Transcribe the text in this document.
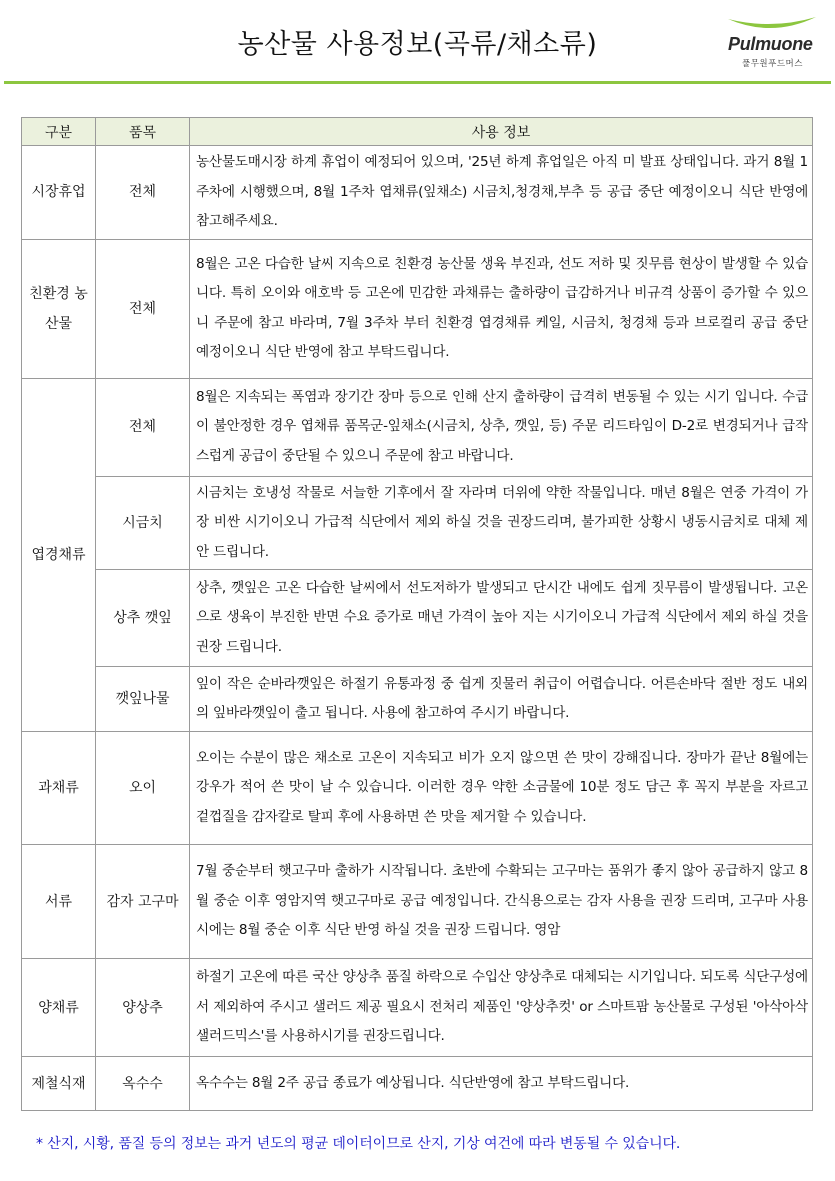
농산물 사용정보(곡류/채소류)	Pulmuone
풀무원푸드머스
구분	품목	사용 정보
시장휴업	전체	농산물도매시장 하계 휴업이 예정되어 있으며, '25년 하계 휴업일은 아직 미 발표 상태입니다. 과거 8월 1주차에 시행했으며, 8월 1주차 엽채류(잎채소) 시금치,청경채,부추 등 공급 중단 예정이오니 식단 반영에 참고해주세요.
친환경 농산물	전체	8월은 고온 다습한 날씨 지속으로 친환경 농산물 생육 부진과, 선도 저하 및 짓무름 현상이 발생할 수 있습니다. 특히 오이와 애호박 등 고온에 민감한 과채류는 출하량이 급감하거나 비규격 상품이 증가할 수 있으니 주문에 참고 바라며, 7월 3주차 부터 친환경 엽경채류 케일, 시금치, 청경채 등과 브로컬리 공급 중단 예정이오니 식단 반영에 참고 부탁드립니다.
엽경채류	전체	8월은 지속되는 폭염과 장기간 장마 등으로 인해 산지 출하량이 급격히 변동될 수 있는 시기 입니다. 수급이 불안정한 경우 엽채류 품목군-잎채소(시금치, 상추, 깻잎, 등) 주문 리드타임이 D-2로 변경되거나 급작스럽게 공급이 중단될 수 있으니 주문에 참고 바랍니다.
	시금치	시금치는 호냉성 작물로 서늘한 기후에서 잘 자라며 더위에 약한 작물입니다. 매년 8월은 연중 가격이 가장 비싼 시기이오니 가급적 식단에서 제외 하실 것을 권장드리며, 불가피한 상황시 냉동시금치로 대체 제안 드립니다.
	상추 깻잎	상추, 깻잎은 고온 다습한 날씨에서 선도저하가 발생되고 단시간 내에도 쉽게 짓무름이 발생됩니다. 고온으로 생육이 부진한 반면 수요 증가로 매년 가격이 높아 지는 시기이오니 가급적 식단에서 제외 하실 것을 권장 드립니다.
	깻잎나물	잎이 작은 순바라깻잎은 하절기 유통과정 중 쉽게 짓물러 취급이 어렵습니다. 어른손바닥 절반 정도 내외의 잎바라깻잎이 출고 됩니다. 사용에 참고하여 주시기 바랍니다.
과채류	오이	오이는 수분이 많은 채소로 고온이 지속되고 비가 오지 않으면 쓴 맛이 강해집니다. 장마가 끝난 8월에는 강우가 적어 쓴 맛이 날 수 있습니다. 이러한 경우 약한 소금물에 10분 정도 담근 후 꼭지 부분을 자르고 겉껍질을 감자칼로 탈피 후에 사용하면 쓴 맛을 제거할 수 있습니다.
서류	감자 고구마	7월 중순부터 햇고구마 출하가 시작됩니다. 초반에 수확되는 고구마는 품위가 좋지 않아 공급하지 않고 8월 중순 이후 영암지역 햇고구마로 공급 예정입니다. 간식용으로는 감자 사용을 권장 드리며, 고구마 사용시에는 8월 중순 이후 식단 반영 하실 것을 권장 드립니다. 영암
양채류	양상추	하절기 고온에 따른 국산 양상추 품질 하락으로 수입산 양상추로 대체되는 시기입니다. 되도록 식단구성에서 제외하여 주시고 샐러드 제공 필요시 전처리 제품인 '양상추컷' or 스마트팜 농산물로 구성된 '아삭아삭 샐러드믹스'를 사용하시기를 권장드립니다.
제철식재	옥수수	옥수수는 8월 2주 공급 종료가 예상됩니다. 식단반영에 참고 부탁드립니다.
* 산지, 시황, 품질 등의 정보는 과거 년도의 평균 데이터이므로 산지, 기상 여건에 따라 변동될 수 있습니다.
